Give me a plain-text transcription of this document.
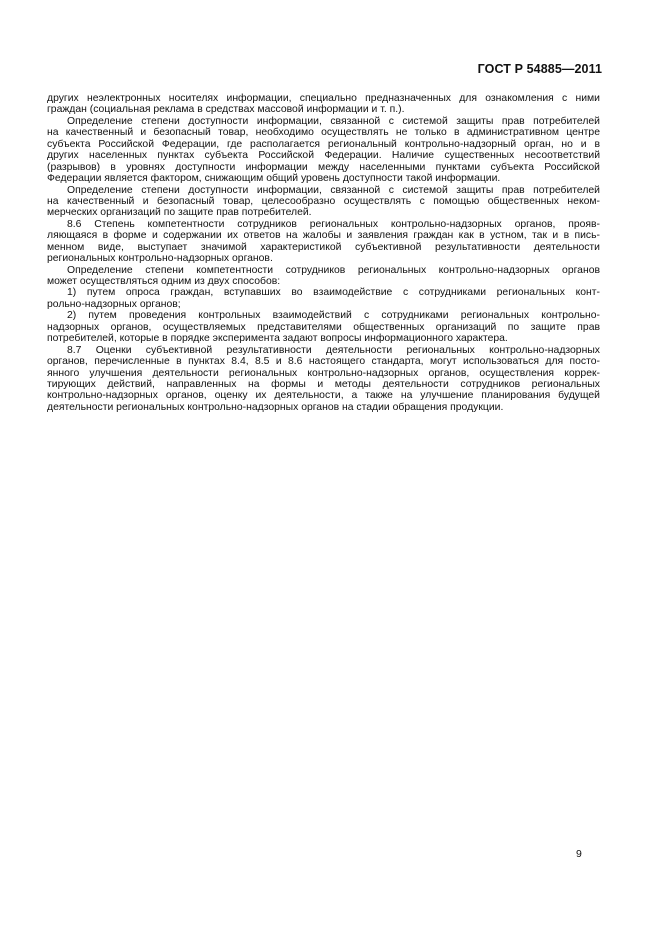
ГОСТ Р 54885—2011
других неэлектронных носителях информации, специально предназначенных для ознакомления с ними
граждан (социальная реклама в средствах массовой информации и т. п.).
Определение степени доступности информации, связанной с системой защиты прав потребителей
на качественный и безопасный товар, необходимо осуществлять не только в административном центре
субъекта Российской Федерации, где располагается региональный контрольно-надзорный орган, но и в
других населенных пунктах субъекта Российской Федерации. Наличие существенных несоответствий
(разрывов) в уровнях доступности информации между населенными пунктами субъекта Российской
Федерации является фактором, снижающим общий уровень доступности такой информации.
Определение степени доступности информации, связанной с системой защиты прав потребителей
на качественный и безопасный товар, целесообразно осуществлять с помощью общественных неком-
мерческих организаций по защите прав потребителей.
8.6 Степень компетентности сотрудников региональных контрольно-надзорных органов, прояв-
ляющаяся в форме и содержании их ответов на жалобы и заявления граждан как в устном, так и в пись-
менном виде, выступает значимой характеристикой субъективной результативности деятельности
региональных контрольно-надзорных органов.
Определение степени компетентности сотрудников региональных контрольно-надзорных органов
может осуществляться одним из двух способов:
1) путем опроса граждан, вступавших во взаимодействие с сотрудниками региональных конт-
рольно-надзорных органов;
2) путем проведения контрольных взаимодействий с сотрудниками региональных контрольно-
надзорных органов, осуществляемых представителями общественных организаций по защите прав
потребителей, которые в порядке эксперимента задают вопросы информационного характера.
8.7 Оценки субъективной результативности деятельности региональных контрольно-надзорных
органов, перечисленные в пунктах 8.4, 8.5 и 8.6 настоящего стандарта, могут использоваться для посто-
янного улучшения деятельности региональных контрольно-надзорных органов, осуществления коррек-
тирующих действий, направленных на формы и методы деятельности сотрудников региональных
контрольно-надзорных органов, оценку их деятельности, а также на улучшение планирования будущей
деятельности региональных контрольно-надзорных органов на стадии обращения продукции.
9
